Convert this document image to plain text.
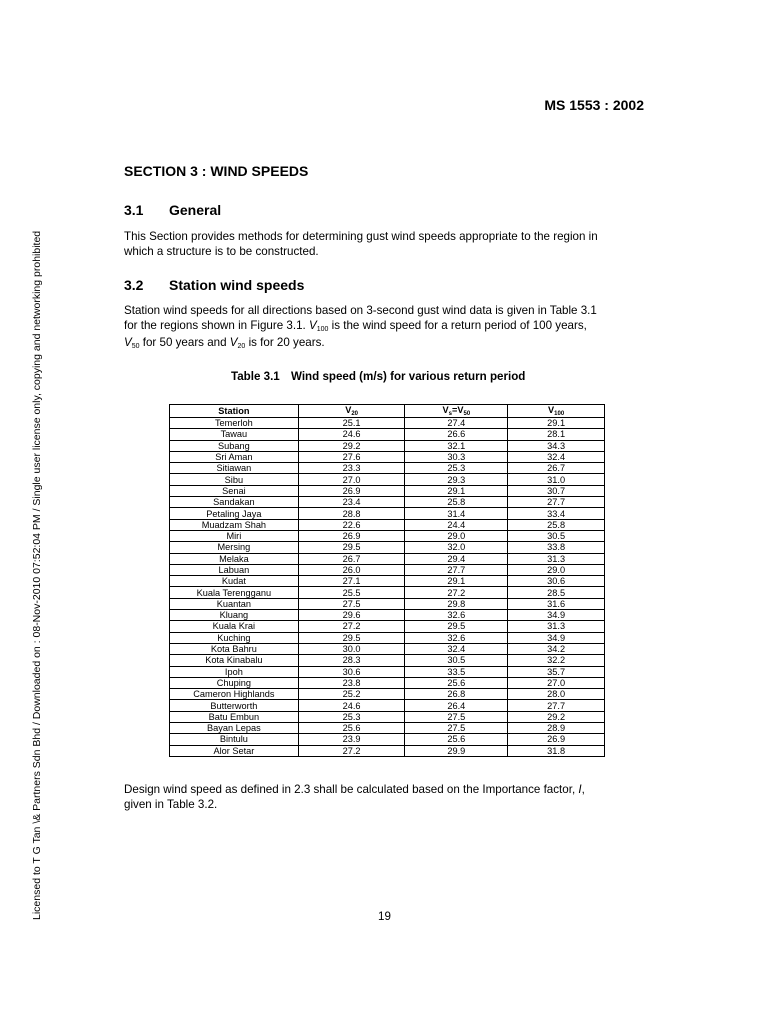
MS 1553 : 2002
Licensed to T G Tan \& Partners Sdn Bhd / Downloaded on : 08-Nov-2010 07:52:04 PM / Single user license only, copying and networking prohibited
SECTION 3 : WIND SPEEDS
3.1 General
This Section provides methods for determining gust wind speeds appropriate to the region in
which a structure is to be constructed.
3.2 Station wind speeds
Station wind speeds for all directions based on 3-second gust wind data is given in Table 3.1
for the regions shown in Figure 3.1. V100 is the wind speed for a return period of 100 years,
V50 for 50 years and V20 is for 20 years.
Table 3.1 Wind speed (m/s) for various return period
Station	$V_{20}$	$V_s=V_{50}$	$V_{100}$
Temerloh	25.1	27.4	29.1
Tawau	24.6	26.6	28.1
Subang	29.2	32.1	34.3
Sri Aman	27.6	30.3	32.4
Sitiawan	23.3	25.3	26.7
Sibu	27.0	29.3	31.0
Senai	26.9	29.1	30.7
Sandakan	23.4	25.8	27.7
Petaling Jaya	28.8	31.4	33.4
Muadzam Shah	22.6	24.4	25.8
Miri	26.9	29.0	30.5
Mersing	29.5	32.0	33.8
Melaka	26.7	29.4	31.3
Labuan	26.0	27.7	29.0
Kudat	27.1	29.1	30.6
Kuala Terengganu	25.5	27.2	28.5
Kuantan	27.5	29.8	31.6
Kluang	29.6	32.6	34.9
Kuala Krai	27.2	29.5	31.3
Kuching	29.5	32.6	34.9
Kota Bahru	30.0	32.4	34.2
Kota Kinabalu	28.3	30.5	32.2
Ipoh	30.6	33.5	35.7
Chuping	23.8	25.6	27.0
Cameron Highlands	25.2	26.8	28.0
Butterworth	24.6	26.4	27.7
Batu Embun	25.3	27.5	29.2
Bayan Lepas	25.6	27.5	28.9
Bintulu	23.9	25.6	26.9
Alor Setar	27.2	29.9	31.8
Design wind speed as defined in 2.3 shall be calculated based on the Importance factor, I,
given in Table 3.2.
19
